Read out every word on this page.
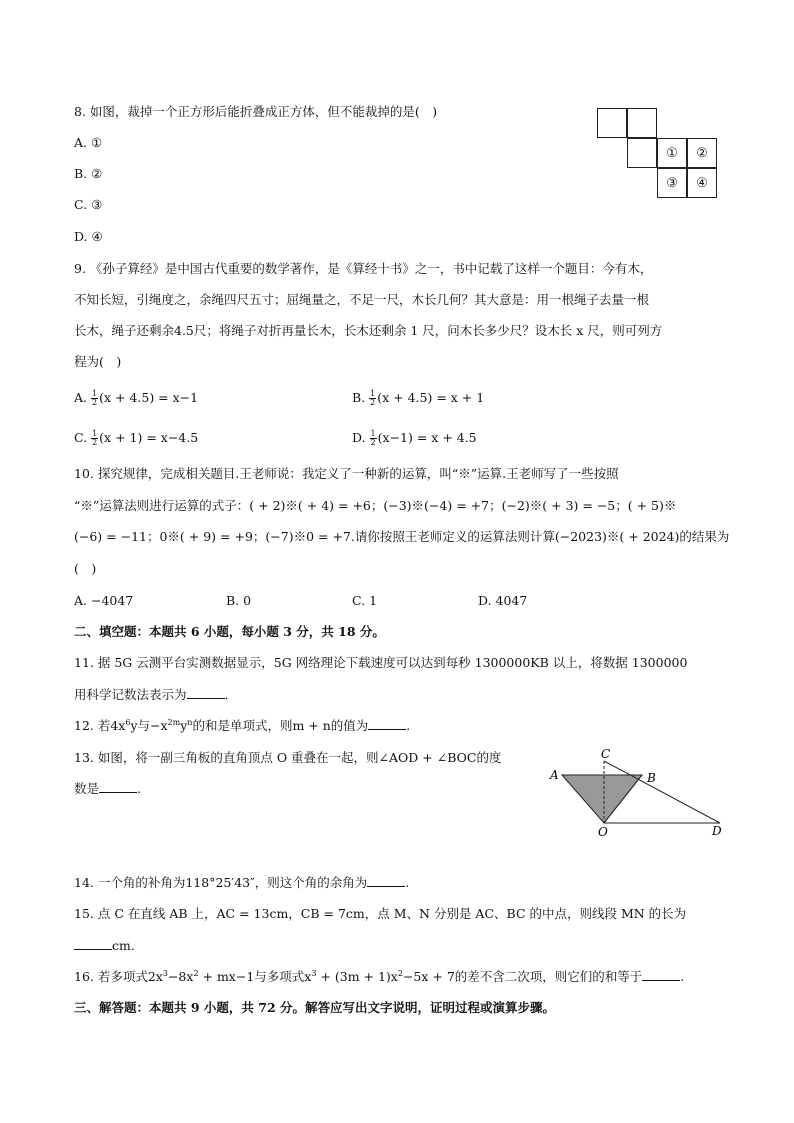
8. 如图，裁掉一个正方形后能折叠成正方体，但不能裁掉的是(　)
A. ①
B. ②
C. ③
D. ④
①	②
③	④
9. 《孙子算经》是中国古代重要的数学著作，是《算经十书》之一，书中记载了这样一个题目：今有木，
不知长短，引绳度之，余绳四尺五寸；屈绳量之，不足一尺，木长几何？其大意是：用一根绳子去量一根
长木，绳子还剩余4.5尺；将绳子对折再量长木，长木还剩余 1 尺，问木长多少尺？设木长 x 尺，则可列方
程为(　)
A. $\frac{1}{2} (x + 4.5) = x-1$	B. $\frac{1}{2} (x + 4.5) = x + 1$
C. $\frac{1}{2} (x + 1) = x-4.5$	D. $\frac{1}{2} (x-1) = x + 4.5$
10. 探究规律，完成相关题目.王老师说：我定义了一种新的运算，叫“※”运算.王老师写了一些按照
“※”运算法则进行运算的式子：( + 2)※( + 4) = +6；(−3)※(−4) = +7；(−2)※( + 3) = −5；( + 5)※
(−6) = −11；0※( + 9) = +9；(−7)※0 = +7.请你按照王老师定义的运算法则计算(−2023)※( + 2024)的结果为
(　)
A. −4047	B. 0	C. 1	D. 4047
二、填空题：本题共 6 小题，每小题 3 分，共 18 分。
11. 据 5G 云测平台实测数据显示，5G 网络理论下载速度可以达到每秒 1300000KB 以上，将数据 1300000
用科学记数法表示为	.
12. 若$4x^6y$与$-x^{2m}y^n$的和是单项式，则m + n的值为	.
13. 如图，将一副三角板的直角顶点 O 重叠在一起，则∠AOD + ∠BOC的度
数是	.
A	B
C
D
O
14. 一个角的补角为118°25′43″，则这个角的余角为	.
15. 点 C 在直线 AB 上，AC = 13cm，CB = 7cm，点 M、N 分别是 AC、BC 的中点，则线段 MN 的长为
cm.
16. 若多项式$2x^3-8x^2 + mx-1$与多项式$x^3 + (3m + 1)x^2-5x + 7$的差不含二次项，则它们的和等于	.
三、解答题：本题共 9 小题，共 72 分。解答应写出文字说明，证明过程或演算步骤。
